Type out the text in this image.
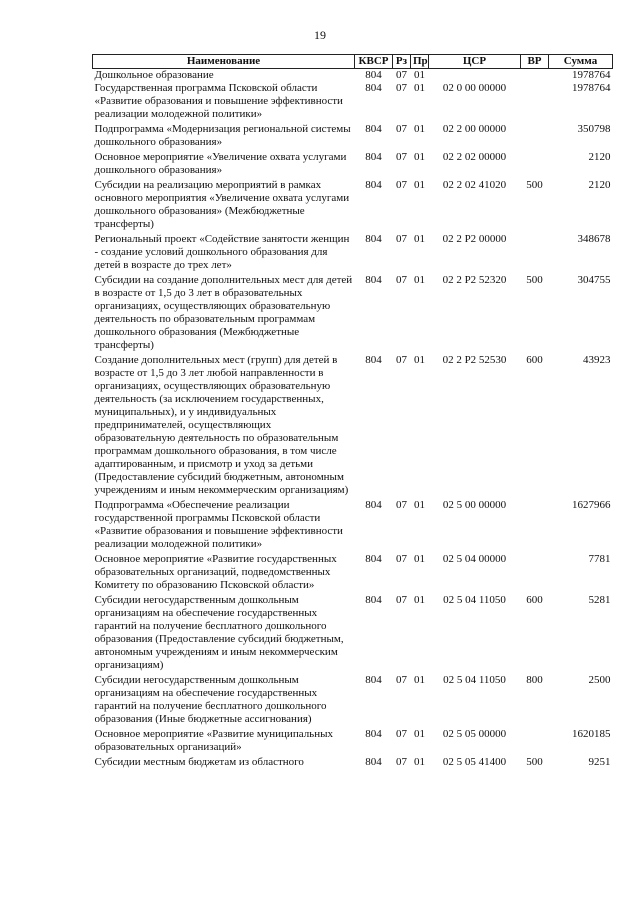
19
Наименование	КВСР	Рз	Пр	ЦСР	ВР	Сумма
Дошкольное образование	804	07	01			1978764
Государственная программа Псковской области «Развитие образования и повышение эффективности реализации молодежной политики»	804	07	01	02 0 00 00000		1978764
Подпрограмма «Модернизация региональной системы дошкольного образования»	804	07	01	02 2 00 00000		350798
Основное мероприятие «Увеличение охвата услугами дошкольного образования»	804	07	01	02 2 02 00000		2120
Субсидии на реализацию мероприятий в рамках основного мероприятия «Увеличение охвата услугами дошкольного образования» (Межбюджетные трансферты)	804	07	01	02 2 02 41020	500	2120
Региональный проект «Содействие занятости женщин - создание условий дошкольного образования для детей в возрасте до трех лет»	804	07	01	02 2 P2 00000		348678
Субсидии на создание дополнительных мест для детей в возрасте от 1,5 до 3 лет в образовательных организациях, осуществляющих образовательную деятельность по образовательным программам дошкольного образования (Межбюджетные трансферты)	804	07	01	02 2 P2 52320	500	304755
Создание дополнительных мест (групп) для детей в возрасте от 1,5 до 3 лет любой направленности в организациях, осуществляющих образовательную деятельность (за исключением государственных, муниципальных), и у индивидуальных предпринимателей, осуществляющих образовательную деятельность по образовательным программам дошкольного образования, в том числе адаптированным, и присмотр и уход за детьми (Предоставление субсидий бюджетным, автономным учреждениям и иным некоммерческим организациям)	804	07	01	02 2 P2 52530	600	43923
Подпрограмма «Обеспечение реализации государственной программы Псковской области «Развитие образования и повышение эффективности реализации молодежной политики»	804	07	01	02 5 00 00000		1627966
Основное мероприятие «Развитие государственных образовательных организаций, подведомственных Комитету по образованию Псковской области»	804	07	01	02 5 04 00000		7781
Субсидии негосударственным дошкольным организациям на обеспечение государственных гарантий на получение бесплатного дошкольного образования (Предоставление субсидий бюджетным, автономным учреждениям и иным некоммерческим организациям)	804	07	01	02 5 04 11050	600	5281
Субсидии негосударственным дошкольным организациям на обеспечение государственных гарантий на получение бесплатного дошкольного образования (Иные бюджетные ассигнования)	804	07	01	02 5 04 11050	800	2500
Основное мероприятие «Развитие муниципальных образовательных организаций»	804	07	01	02 5 05 00000		1620185
Субсидии местным бюджетам из областного	804	07	01	02 5 05 41400	500	9251
